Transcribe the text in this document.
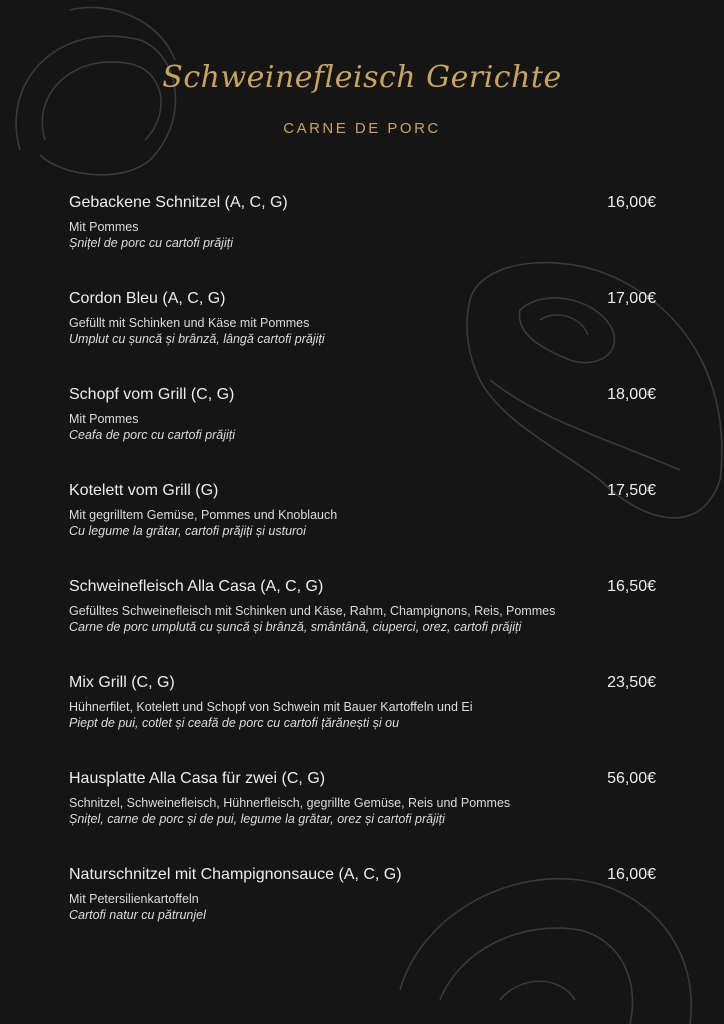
Schweinefleisch Gerichte
CARNE DE PORC
Gebackene Schnitzel (A, C, G)	16,00€
Mit Pommes
Șnițel de porc cu cartofi prăjiți
Cordon Bleu (A, C, G)	17,00€
Gefüllt mit Schinken und Käse mit Pommes
Umplut cu șuncă și brânză, lângă cartofi prăjiți
Schopf vom Grill (C, G)	18,00€
Mit Pommes
Ceafa de porc cu cartofi prăjiți
Kotelett vom Grill (G)	17,50€
Mit gegrilltem Gemüse, Pommes und Knoblauch
Cu legume la grătar, cartofi prăjiți și usturoi
Schweinefleisch Alla Casa (A, C, G)	16,50€
Gefülltes Schweinefleisch mit Schinken und Käse, Rahm, Champignons, Reis, Pommes
Carne de porc umplută cu șuncă și brânză, smântână, ciuperci, orez, cartofi prăjiți
Mix Grill (C, G)	23,50€
Hühnerfilet, Kotelett und Schopf von Schwein mit Bauer Kartoffeln und Ei
Piept de pui, cotlet și ceafă de porc cu cartofi țărănești și ou
Hausplatte Alla Casa für zwei (C, G)	56,00€
Schnitzel, Schweinefleisch, Hühnerfleisch, gegrillte Gemüse, Reis und Pommes
Șnițel, carne de porc și de pui, legume la grătar, orez și cartofi prăjiți
Naturschnitzel mit Champignonsauce (A, C, G)	16,00€
Mit Petersilienkartoffeln
Cartofi natur cu pătrunjel
